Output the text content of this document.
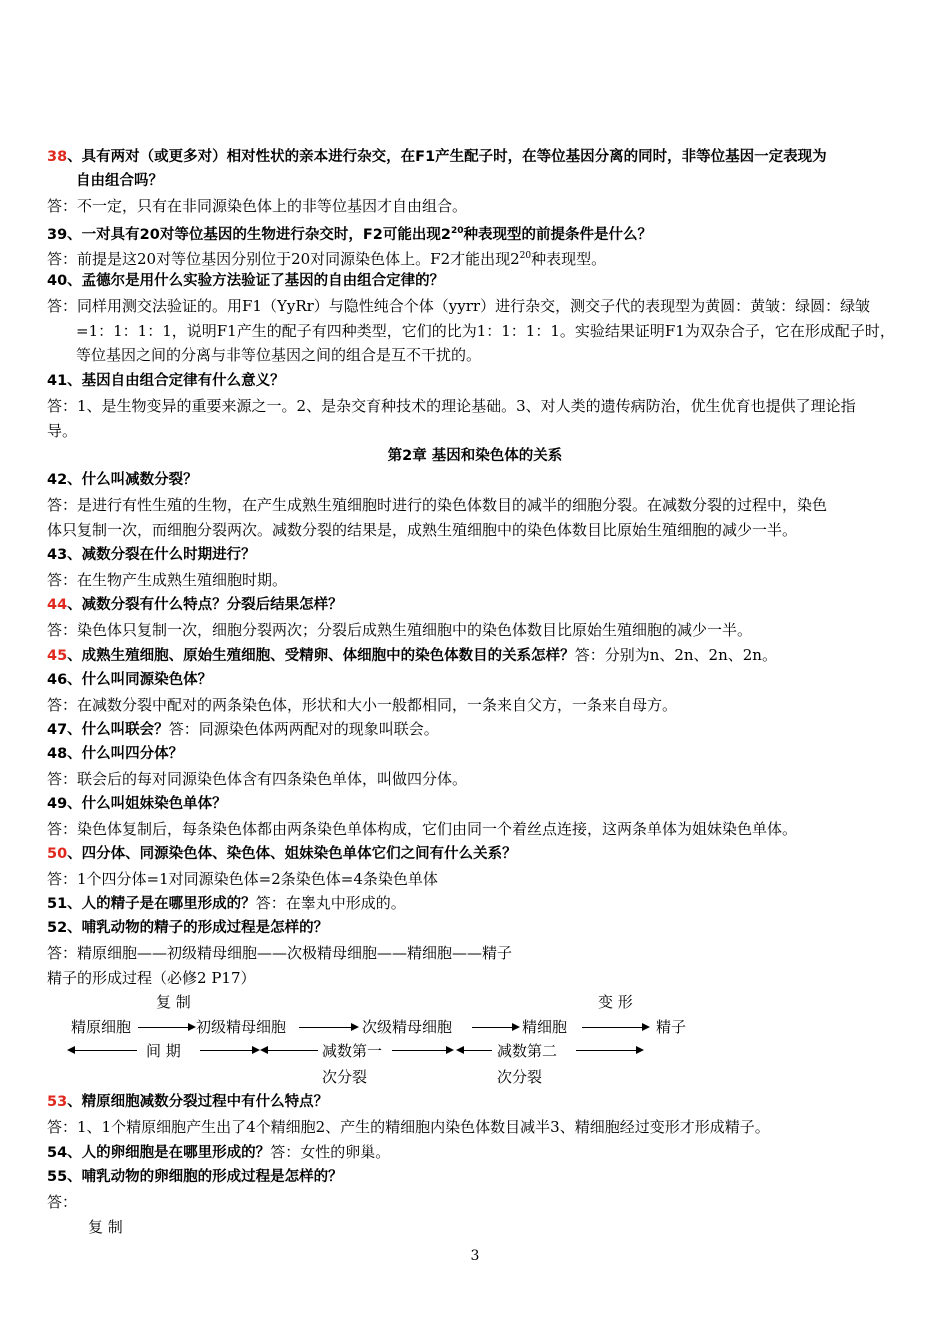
38、具有两对（或更多对）相对性状的亲本进行杂交，在F1产生配子时，在等位基因分离的同时，非等位基因一定表现为
自由组合吗？
答：不一定，只有在非同源染色体上的非等位基因才自由组合。
39、一对具有20对等位基因的生物进行杂交时，F2可能出现$2^{20}$种表现型的前提条件是什么？
答：前提是这20对等位基因分别位于20对同源染色体上。F2才能出现$2^{20}$种表现型。
40、孟德尔是用什么实验方法验证了基因的自由组合定律的？
答：同样用测交法验证的。用F1（YyRr）与隐性纯合个体（yyrr）进行杂交，测交子代的表现型为黄圆：黄皱：绿圆：绿皱
=1：1：1：1，说明F1产生的配子有四种类型，它们的比为1：1：1：1。实验结果证明F1为双杂合子，它在形成配子时，
等位基因之间的分离与非等位基因之间的组合是互不干扰的。
41、基因自由组合定律有什么意义？
答：1、是生物变异的重要来源之一。2、是杂交育种技术的理论基础。3、对人类的遗传病防治，优生优育也提供了理论指
导。
第2章 基因和染色体的关系
42、什么叫减数分裂？
答：是进行有性生殖的生物，在产生成熟生殖细胞时进行的染色体数目的减半的细胞分裂。在减数分裂的过程中，染色
体只复制一次，而细胞分裂两次。减数分裂的结果是，成熟生殖细胞中的染色体数目比原始生殖细胞的减少一半。
43、减数分裂在什么时期进行？
答：在生物产生成熟生殖细胞时期。
44、减数分裂有什么特点？分裂后结果怎样？
答：染色体只复制一次，细胞分裂两次；分裂后成熟生殖细胞中的染色体数目比原始生殖细胞的减少一半。
45、成熟生殖细胞、原始生殖细胞、受精卵、体细胞中的染色体数目的关系怎样？答：分别为n、2n、2n、2n。
46、什么叫同源染色体？
答：在减数分裂中配对的两条染色体，形状和大小一般都相同，一条来自父方，一条来自母方。
47、什么叫联会？答：同源染色体两两配对的现象叫联会。
48、什么叫四分体？
答：联会后的每对同源染色体含有四条染色单体，叫做四分体。
49、什么叫姐妹染色单体？
答：染色体复制后，每条染色体都由两条染色单体构成，它们由同一个着丝点连接，这两条单体为姐妹染色单体。
50、四分体、同源染色体、染色体、姐妹染色单体它们之间有什么关系？
答：1个四分体=1对同源染色体=2条染色体=4条染色单体
51、人的精子是在哪里形成的？答：在睾丸中形成的。
52、哺乳动物的精子的形成过程是怎样的？
答：精原细胞——初级精母细胞——次极精母细胞——精细胞——精子
精子的形成过程（必修2 P17）
复 制	变 形
精原细胞	初级精母细胞	次级精母细胞	精细胞	精子
间 期	减数第一	减数第二
次分裂	次分裂
53、精原细胞减数分裂过程中有什么特点？
答：1、1个精原细胞产生出了4个精细胞2、产生的精细胞内染色体数目减半3、精细胞经过变形才形成精子。
54、人的卵细胞是在哪里形成的？答：女性的卵巢。
55、哺乳动物的卵细胞的形成过程是怎样的？
答：
复 制
3
